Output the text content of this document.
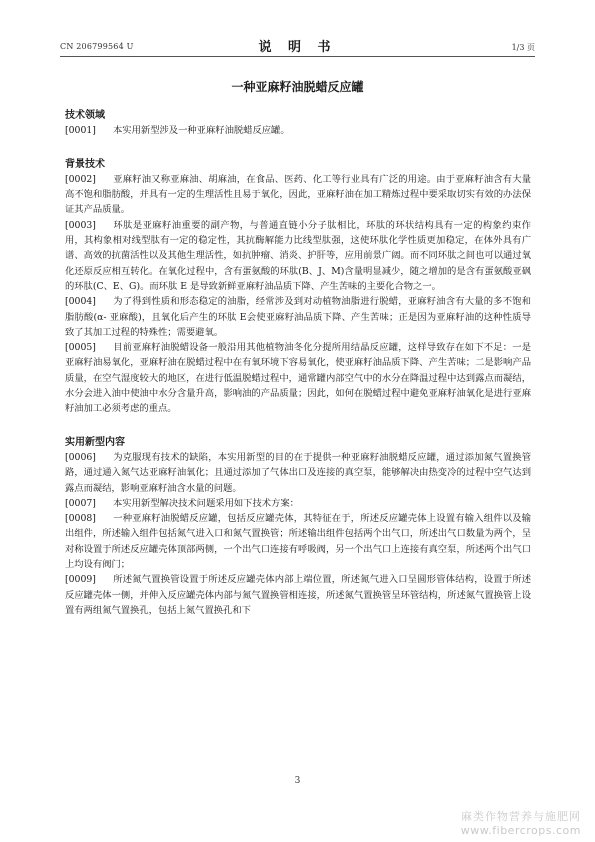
CN 206799564 U	说 明 书	1/3 页
一种亚麻籽油脱蜡反应罐

技术领域

[0001] 本实用新型涉及一种亚麻籽油脱蜡反应罐。

背景技术

[0002] 亚麻籽油又称亚麻油、胡麻油，在食品、医药、化工等行业具有广泛的用途。由于亚麻籽油含有大量高不饱和脂肪酸，并具有一定的生理活性且易于氧化，因此，亚麻籽油在加工精炼过程中要采取切实有效的办法保证其产品质量。

[0003] 环肽是亚麻籽油重要的副产物，与普通直链小分子肽相比，环肽的环状结构具有一定的构象约束作用，其构象相对线型肽有一定的稳定性，其抗酶解能力比线型肽强，这使环肽化学性质更加稳定，在体外具有广谱、高效的抗菌活性以及其他生理活性，如抗肿瘤、消炎、护肝等，应用前景广阔。而不同环肽之间也可以通过氧化还原反应相互转化。在氧化过程中，含有蛋氨酸的环肽(B、J、M)含量明显减少，随之增加的是含有蛋氨酸亚砜的环肽(C、E、G)。而环肽 E 是导致新鲜亚麻籽油品质下降、产生苦味的主要化合物之一。

[0004] 为了得到性质和形态稳定的油脂，经常涉及到对动植物油脂进行脱蜡，亚麻籽油含有大量的多不饱和脂肪酸(α- 亚麻酸)，且氧化后产生的环肽 E会使亚麻籽油品质下降、产生苦味；正是因为亚麻籽油的这种性质导致了其加工过程的特殊性；需要避氧。

[0005] 目前亚麻籽油脱蜡设备一般沿用其他植物油冬化分提所用结晶反应罐，这样导致存在如下不足：一是亚麻籽油易氧化，亚麻籽油在脱蜡过程中在有氧环境下容易氧化，使亚麻籽油品质下降、产生苦味；二是影响产品质量，在空气湿度较大的地区，在进行低温脱蜡过程中，通常罐内部空气中的水分在降温过程中达到露点而凝结，水分会进入油中使油中水分含量升高，影响油的产品质量；因此，如何在脱蜡过程中避免亚麻籽油氧化是进行亚麻籽油加工必须考虑的重点。

实用新型内容

[0006] 为克服现有技术的缺陷，本实用新型的目的在于提供一种亚麻籽油脱蜡反应罐，通过添加氮气置换管路，通过通入氮气达亚麻籽油氧化；且通过添加了气体出口及连接的真空泵，能够解决由热变冷的过程中空气达到露点而凝结，影响亚麻籽油含水量的问题。

[0007] 本实用新型解决技术问题采用如下技术方案：

[0008] 一种亚麻籽油脱蜡反应罐，包括反应罐壳体，其特征在于，所述反应罐壳体上设置有输入组件以及输出组件，所述输入组件包括氮气进入口和氮气置换管；所述输出组件包括两个出气口，所述出气口数量为两个，呈对称设置于所述反应罐壳体顶部两侧，一个出气口连接有呼吸阀，另一个出气口上连接有真空泵，所述两个出气口上均设有阀门；

[0009] 所述氮气置换管设置于所述反应罐壳体内部上端位置，所述氮气进入口呈圆形管体结构，设置于所述反应罐壳体一侧，并伸入反应罐壳体内部与氮气置换管相连接，所述氮气置换管呈环管结构，所述氮气置换管上设置有两组氮气置换孔，包括上氮气置换孔和下

3
麻类作物营养与施肥网
www.fibercrops.com
